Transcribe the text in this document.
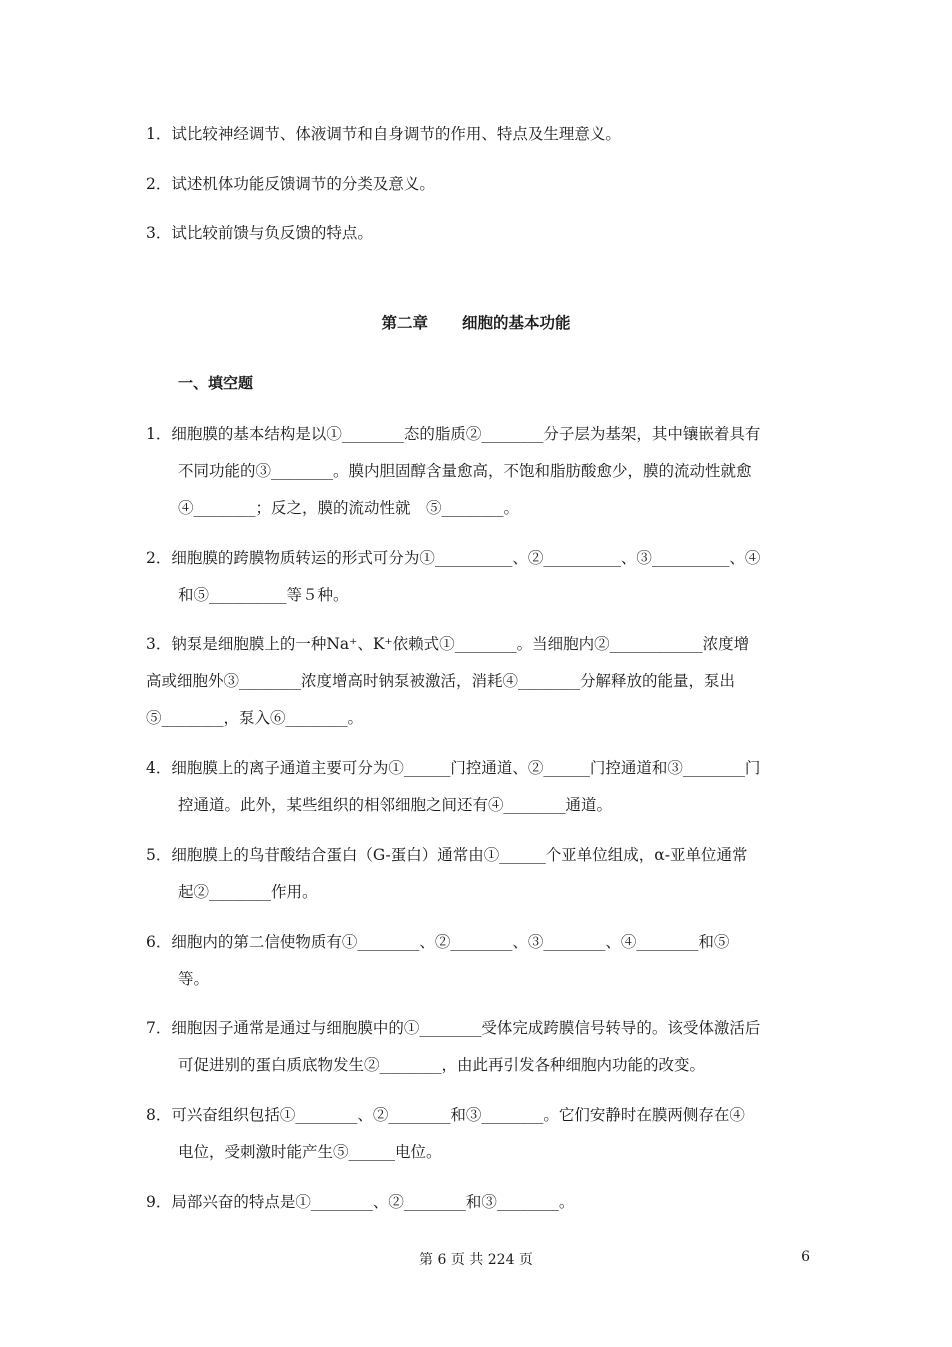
1．试比较神经调节、体液调节和自身调节的作用、特点及生理意义。
2．试述机体功能反馈调节的分类及意义。
3．试比较前馈与负反馈的特点。
第二章 细胞的基本功能
一、填空题
1．细胞膜的基本结构是以①________态的脂质②________分子层为基架，其中镶嵌着具有
不同功能的③________。膜内胆固醇含量愈高，不饱和脂肪酸愈少，膜的流动性就愈
④________；反之，膜的流动性就　⑤________。
2．细胞膜的跨膜物质转运的形式可分为①__________、②__________、③__________、④
和⑤__________等５种。
3．钠泵是细胞膜上的一种Na⁺、K⁺依赖式①________。当细胞内②____________浓度增
高或细胞外③________浓度增高时钠泵被激活，消耗④________分解释放的能量，泵出
⑤________，泵入⑥________。
4．细胞膜上的离子通道主要可分为①______门控通道、②______门控通道和③________门
控通道。此外，某些组织的相邻细胞之间还有④________通道。
5．细胞膜上的鸟苷酸结合蛋白（G-蛋白）通常由①______个亚单位组成，α-亚单位通常
起②________作用。
6．细胞内的第二信使物质有①________、②________、③________、④________和⑤
等。
7．细胞因子通常是通过与细胞膜中的①________受体完成跨膜信号转导的。该受体激活后
可促进别的蛋白质底物发生②________，由此再引发各种细胞内功能的改变。
8．可兴奋组织包括①________、②________和③________。它们安静时在膜两侧存在④
电位，受刺激时能产生⑤______电位。
9．局部兴奋的特点是①________、②________和③________。
第 6 页 共 224 页	6
